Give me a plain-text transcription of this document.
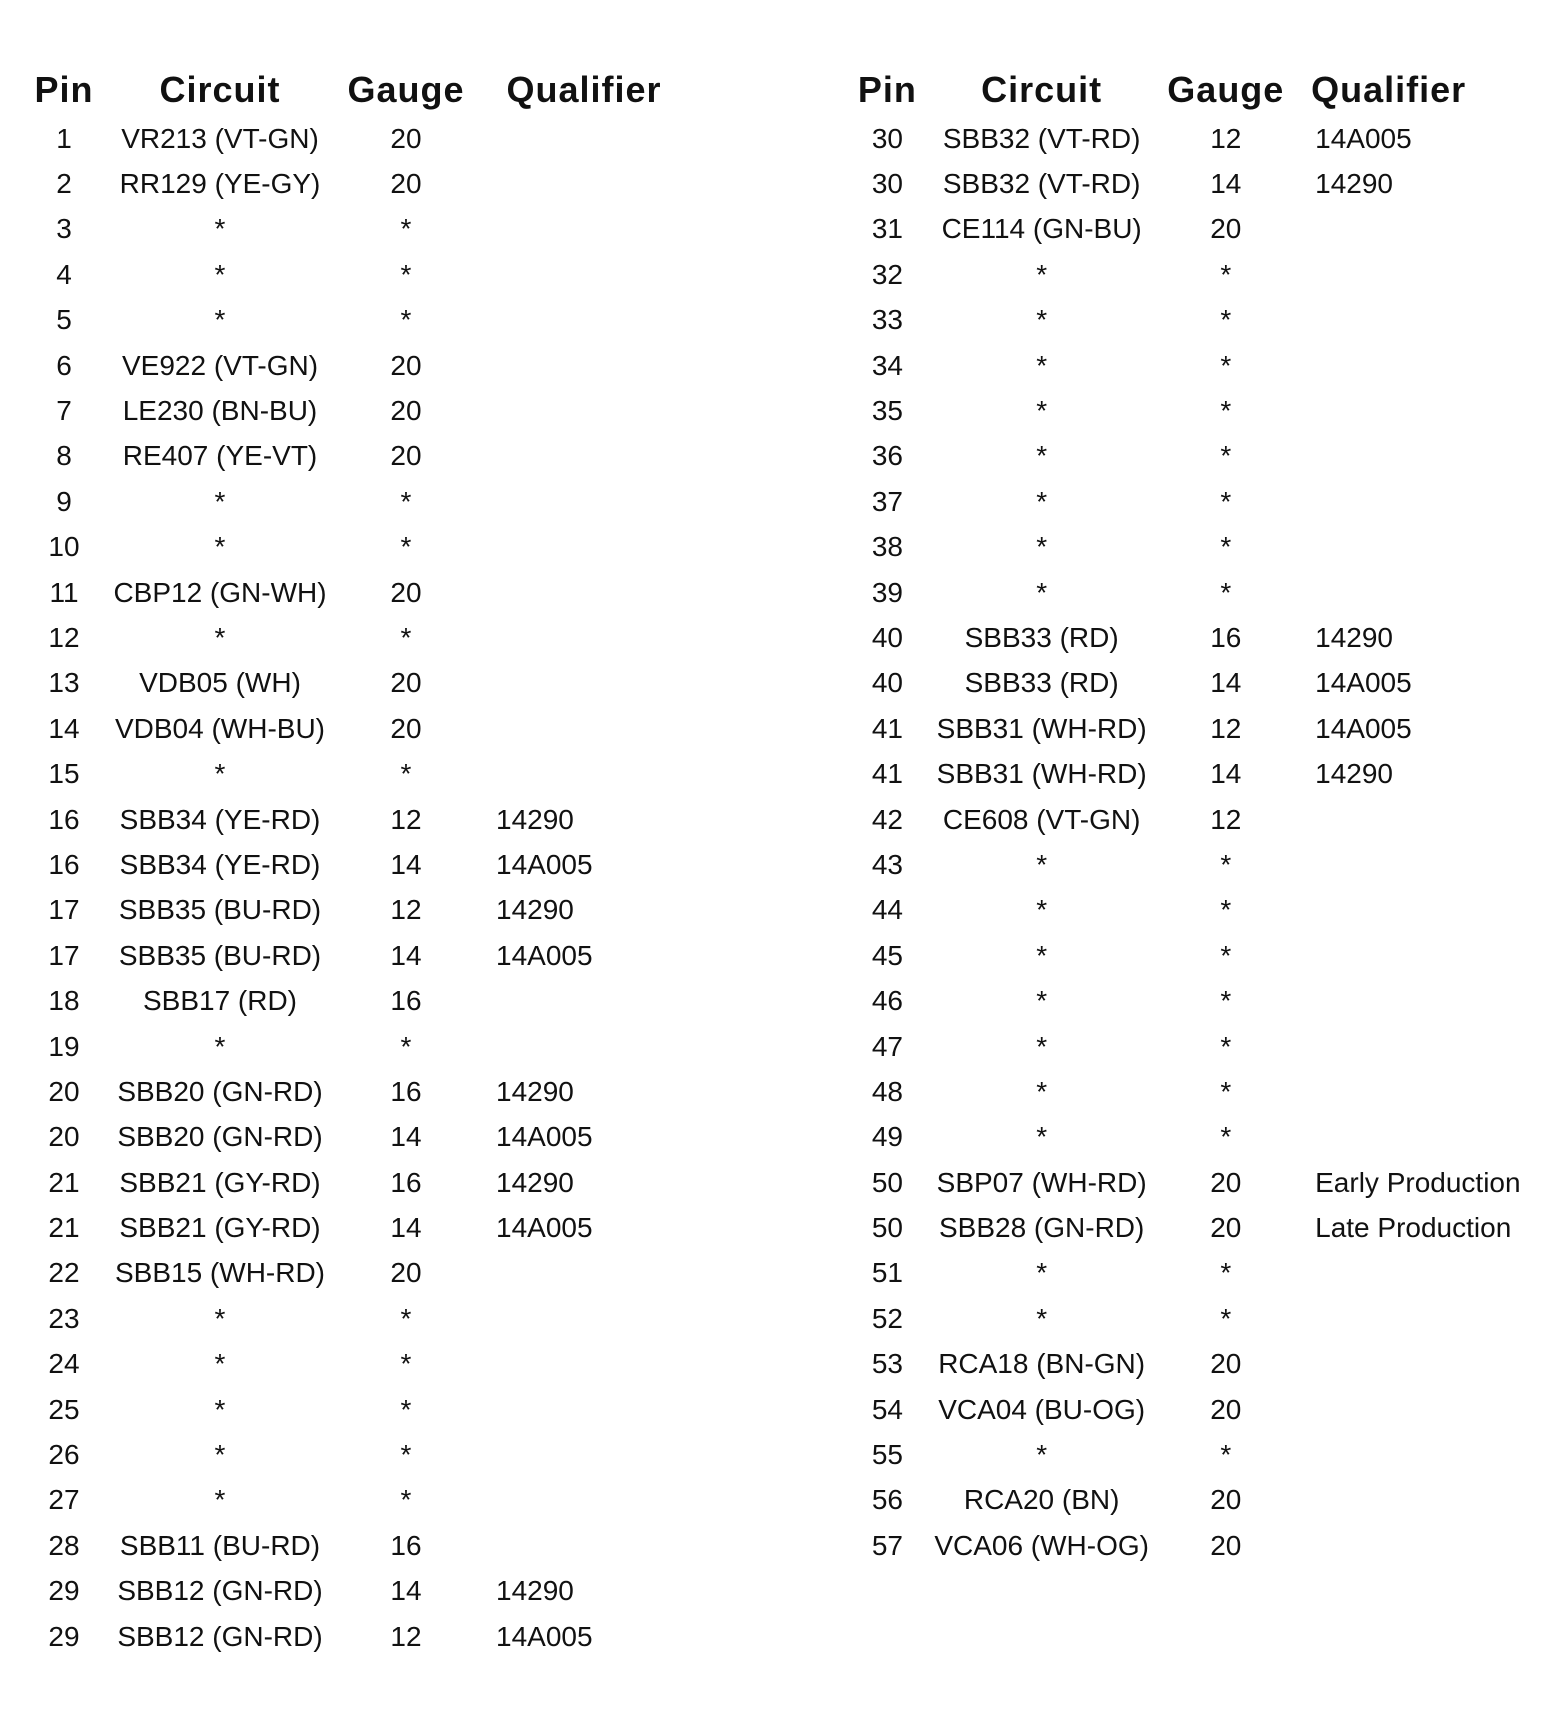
Pin	Circuit	Gauge	Qualifier
1	VR213 (VT-GN)	20	
2	RR129 (YE-GY)	20	
3	*	*	
4	*	*	
5	*	*	
6	VE922 (VT-GN)	20	
7	LE230 (BN-BU)	20	
8	RE407 (YE-VT)	20	
9	*	*	
10	*	*	
11	CBP12 (GN-WH)	20	
12	*	*	
13	VDB05 (WH)	20	
14	VDB04 (WH-BU)	20	
15	*	*	
16	SBB34 (YE-RD)	12	14290
16	SBB34 (YE-RD)	14	14A005
17	SBB35 (BU-RD)	12	14290
17	SBB35 (BU-RD)	14	14A005
18	SBB17 (RD)	16	
19	*	*	
20	SBB20 (GN-RD)	16	14290
20	SBB20 (GN-RD)	14	14A005
21	SBB21 (GY-RD)	16	14290
21	SBB21 (GY-RD)	14	14A005
22	SBB15 (WH-RD)	20	
23	*	*	
24	*	*	
25	*	*	
26	*	*	
27	*	*	
28	SBB11 (BU-RD)	16	
29	SBB12 (GN-RD)	14	14290
29	SBB12 (GN-RD)	12	14A005
Pin	Circuit	Gauge	Qualifier
30	SBB32 (VT-RD)	12	14A005
30	SBB32 (VT-RD)	14	14290
31	CE114 (GN-BU)	20	
32	*	*	
33	*	*	
34	*	*	
35	*	*	
36	*	*	
37	*	*	
38	*	*	
39	*	*	
40	SBB33 (RD)	16	14290
40	SBB33 (RD)	14	14A005
41	SBB31 (WH-RD)	12	14A005
41	SBB31 (WH-RD)	14	14290
42	CE608 (VT-GN)	12	
43	*	*	
44	*	*	
45	*	*	
46	*	*	
47	*	*	
48	*	*	
49	*	*	
50	SBP07 (WH-RD)	20	Early Production
50	SBB28 (GN-RD)	20	Late Production
51	*	*	
52	*	*	
53	RCA18 (BN-GN)	20	
54	VCA04 (BU-OG)	20	
55	*	*	
56	RCA20 (BN)	20	
57	VCA06 (WH-OG)	20	
